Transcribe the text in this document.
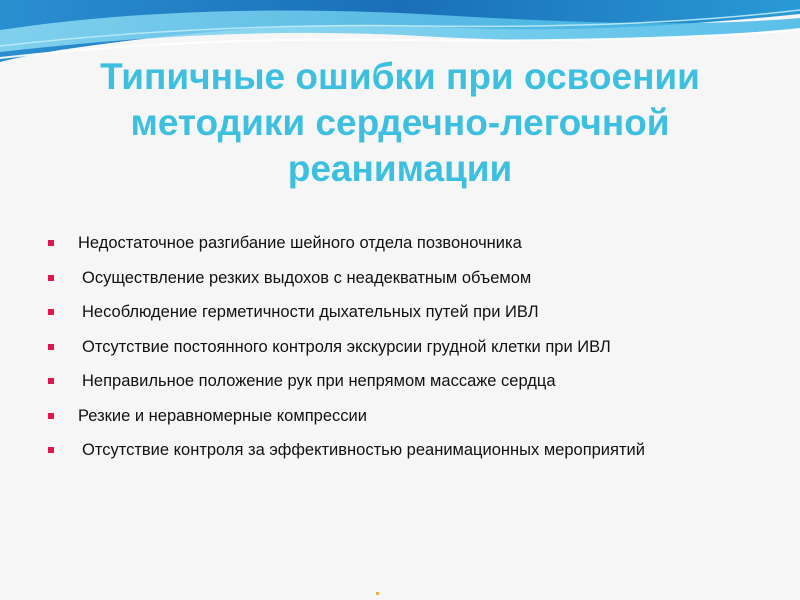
Типичные ошибки при освоении
методики сердечно-легочной
реанимации
Недостаточное разгибание шейного отдела позвоночника
Осуществление резких выдохов с неадекватным объемом
Несоблюдение герметичности дыхательных путей при ИВЛ
Отсутствие постоянного контроля экскурсии грудной клетки при ИВЛ
Неправильное положение рук при непрямом массаже сердца
Резкие и неравномерные компрессии
Отсутствие контроля за эффективностью реанимационных мероприятий
